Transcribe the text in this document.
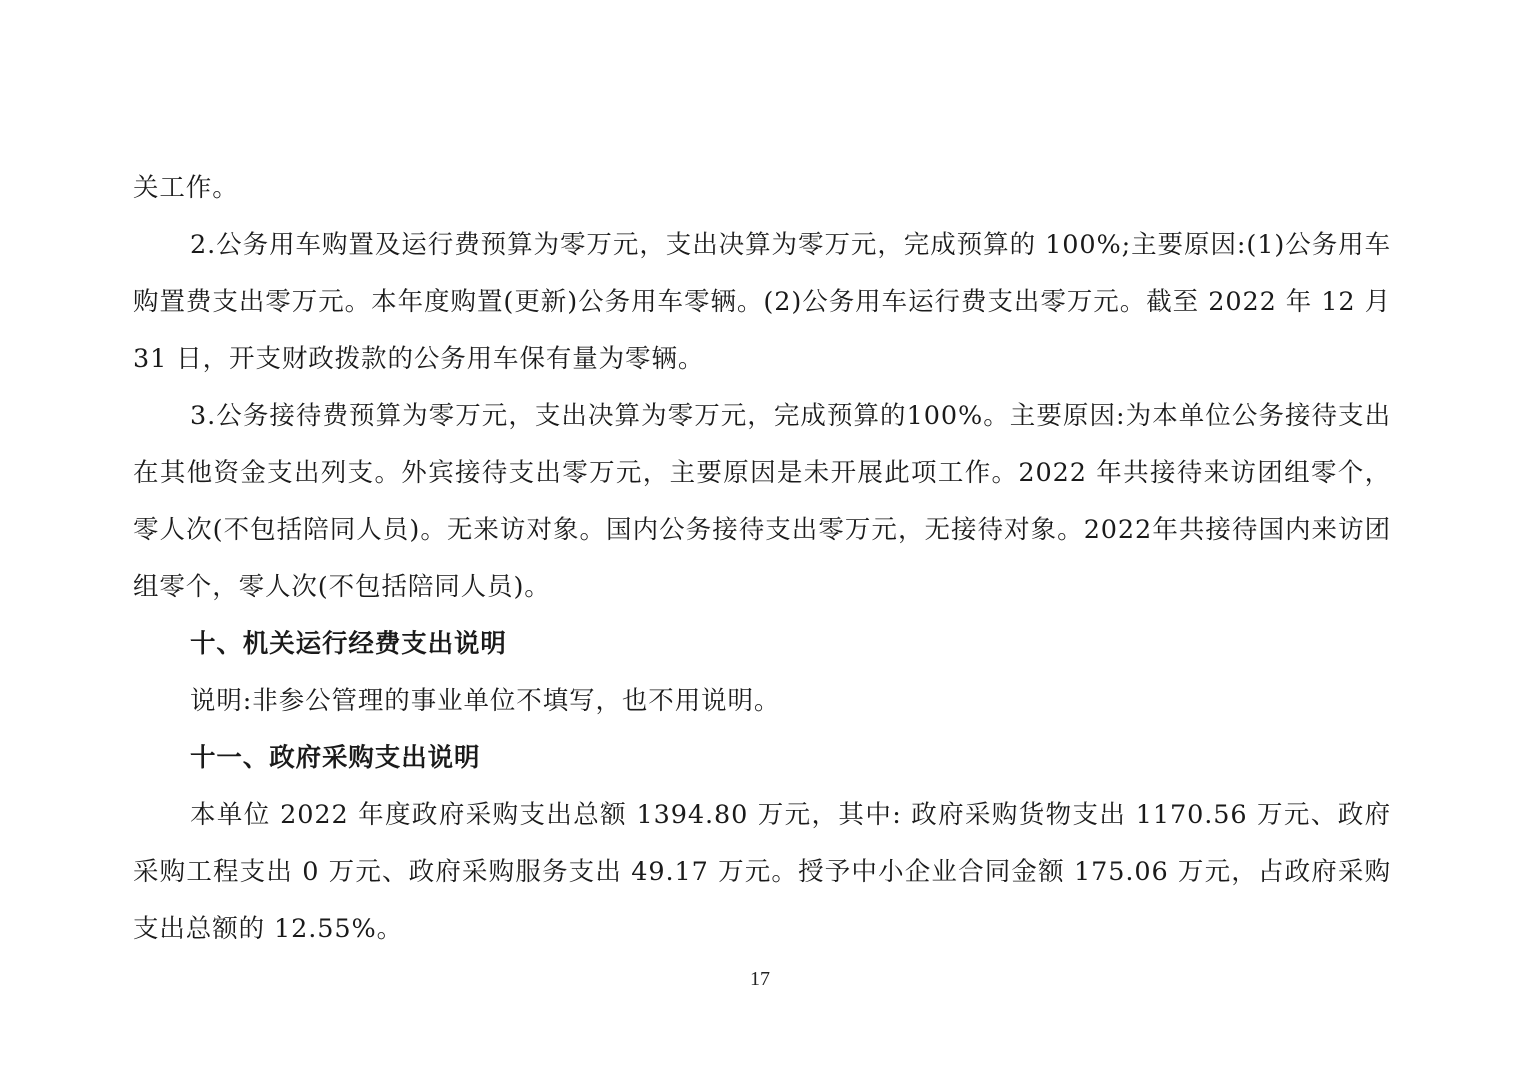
关工作。

2.公务用车购置及运行费预算为零万元，支出决算为零万元，完成预算的 100%;主要原因:(1)公务用车购置费支出零万元。本年度购置(更新)公务用车零辆。(2)公务用车运行费支出零万元。截至 2022 年 12 月 31 日，开支财政拨款的公务用车保有量为零辆。

3.公务接待费预算为零万元，支出决算为零万元，完成预算的100%。主要原因:为本单位公务接待支出在其他资金支出列支。外宾接待支出零万元，主要原因是未开展此项工作。2022 年共接待来访团组零个，零人次(不包括陪同人员)。无来访对象。国内公务接待支出零万元，无接待对象。2022年共接待国内来访团组零个，零人次(不包括陪同人员)。

十、机关运行经费支出说明

说明:非参公管理的事业单位不填写，也不用说明。

十一、政府采购支出说明

本单位 2022 年度政府采购支出总额 1394.80 万元，其中: 政府采购货物支出 1170.56 万元、政府采购工程支出 0 万元、政府采购服务支出 49.17 万元。授予中小企业合同金额 175.06 万元，占政府采购支出总额的 12.55%。

17
